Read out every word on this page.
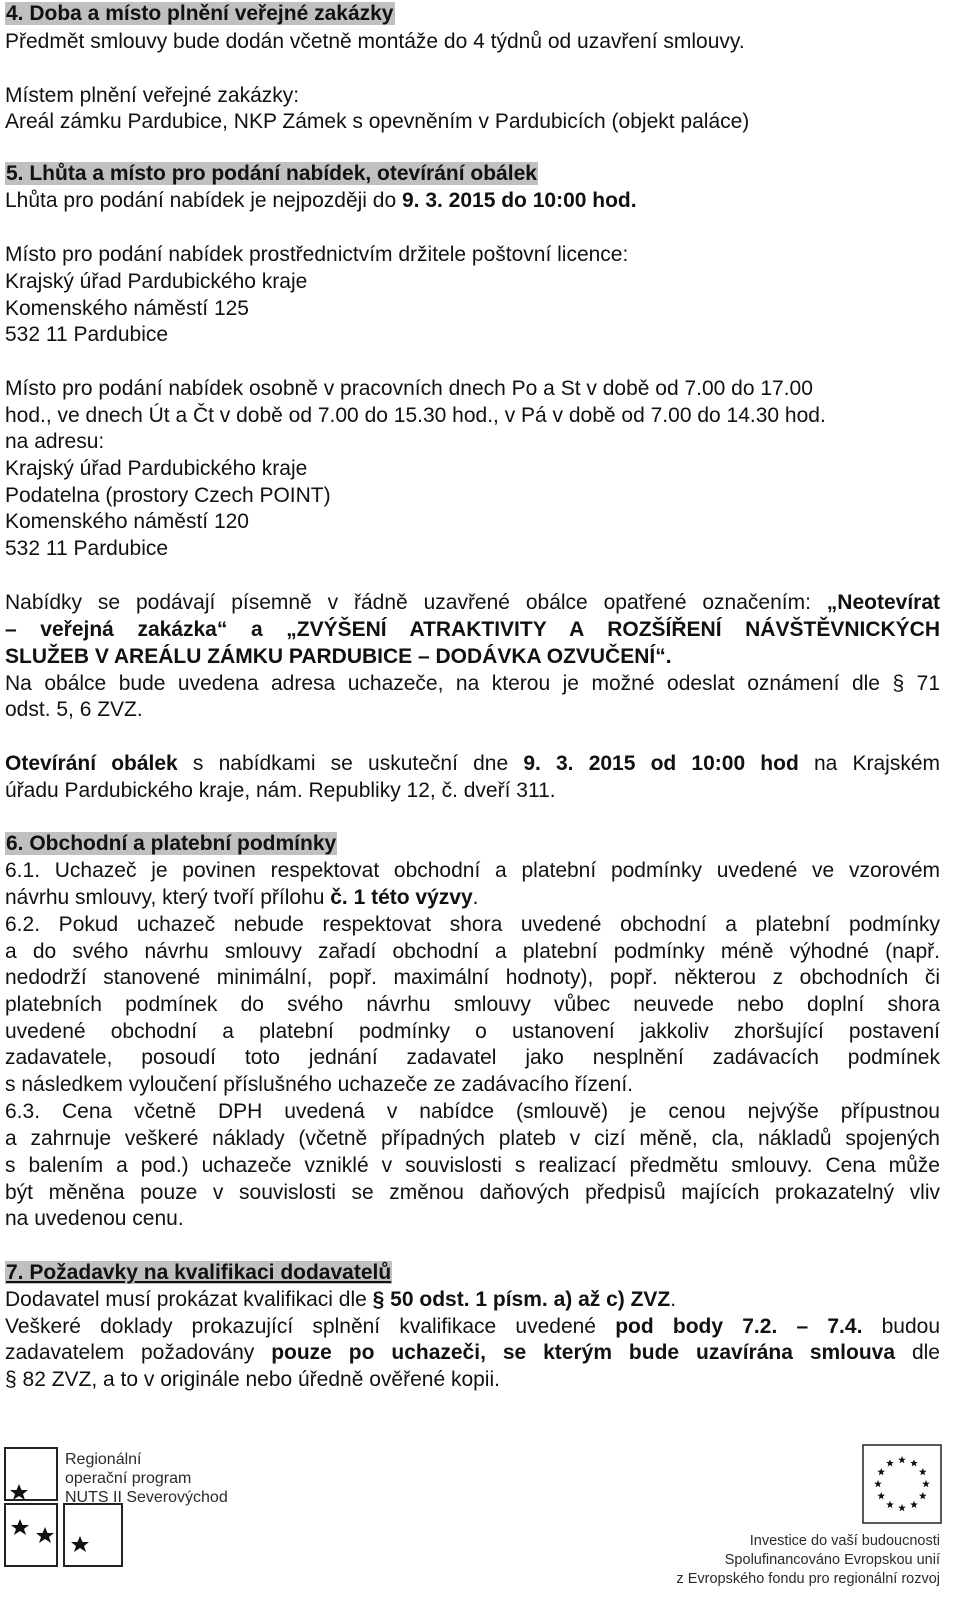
4. Doba a místo plnění veřejné zakázky
Předmět smlouvy bude dodán včetně montáže do 4 týdnů od uzavření smlouvy.
Místem plnění veřejné zakázky:
Areál zámku Pardubice, NKP Zámek s opevněním v Pardubicích (objekt paláce)
5. Lhůta a místo pro podání nabídek, otevírání obálek
Lhůta pro podání nabídek je nejpozději do 9. 3. 2015 do 10:00 hod.
Místo pro podání nabídek prostřednictvím držitele poštovní licence:
Krajský úřad Pardubického kraje
Komenského náměstí 125
532 11 Pardubice
Místo pro podání nabídek osobně v pracovních dnech Po a St v době od 7.00 do 17.00
hod., ve dnech Út a Čt v době od 7.00 do 15.30 hod., v Pá v době od 7.00 do 14.30 hod.
na adresu:
Krajský úřad Pardubického kraje
Podatelna (prostory Czech POINT)
Komenského náměstí 120
532 11 Pardubice
Nabídky se podávají písemně v řádně uzavřené obálce opatřené označením: „Neotevírat
– veřejná zakázka“ a „ZVÝŠENÍ ATRAKTIVITY A ROZŠÍŘENÍ NÁVŠTĚVNICKÝCH
SLUŽEB V AREÁLU ZÁMKU PARDUBICE – DODÁVKA OZVUČENÍ“.
Na obálce bude uvedena adresa uchazeče, na kterou je možné odeslat oznámení dle § 71
odst. 5, 6 ZVZ.
Otevírání obálek s nabídkami se uskuteční dne 9. 3. 2015 od 10:00 hod na Krajském
úřadu Pardubického kraje, nám. Republiky 12, č. dveří 311.
6. Obchodní a platební podmínky
6.1. Uchazeč je povinen respektovat obchodní a platební podmínky uvedené ve vzorovém
návrhu smlouvy, který tvoří přílohu č. 1 této výzvy.
6.2. Pokud uchazeč nebude respektovat shora uvedené obchodní a platební podmínky
a do svého návrhu smlouvy zařadí obchodní a platební podmínky méně výhodné (např.
nedodrží stanovené minimální, popř. maximální hodnoty), popř. některou z obchodních či
platebních podmínek do svého návrhu smlouvy vůbec neuvede nebo doplní shora
uvedené obchodní a platební podmínky o ustanovení jakkoliv zhoršující postavení
zadavatele, posoudí toto jednání zadavatel jako nesplnění zadávacích podmínek
s následkem vyloučení příslušného uchazeče ze zadávacího řízení.
6.3. Cena včetně DPH uvedená v nabídce (smlouvě) je cenou nejvýše přípustnou
a zahrnuje veškeré náklady (včetně případných plateb v cizí měně, cla, nákladů spojených
s balením a pod.) uchazeče vzniklé v souvislosti s realizací předmětu smlouvy. Cena může
být měněna pouze v souvislosti se změnou daňových předpisů majících prokazatelný vliv
na uvedenou cenu.
7. Požadavky na kvalifikaci dodavatelů
Dodavatel musí prokázat kvalifikaci dle § 50 odst. 1 písm. a) až c) ZVZ.
Veškeré doklady prokazující splnění kvalifikace uvedené pod body 7.2. – 7.4. budou
zadavatelem požadovány pouze po uchazeči, se kterým bude uzavírána smlouva dle
§ 82 ZVZ, a to v originále nebo úředně ověřené kopii.
Regionální
operační program
NUTS II Severovýchod
Investice do vaší budoucnosti
Spolufinancováno Evropskou unií
z Evropského fondu pro regionální rozvoj
